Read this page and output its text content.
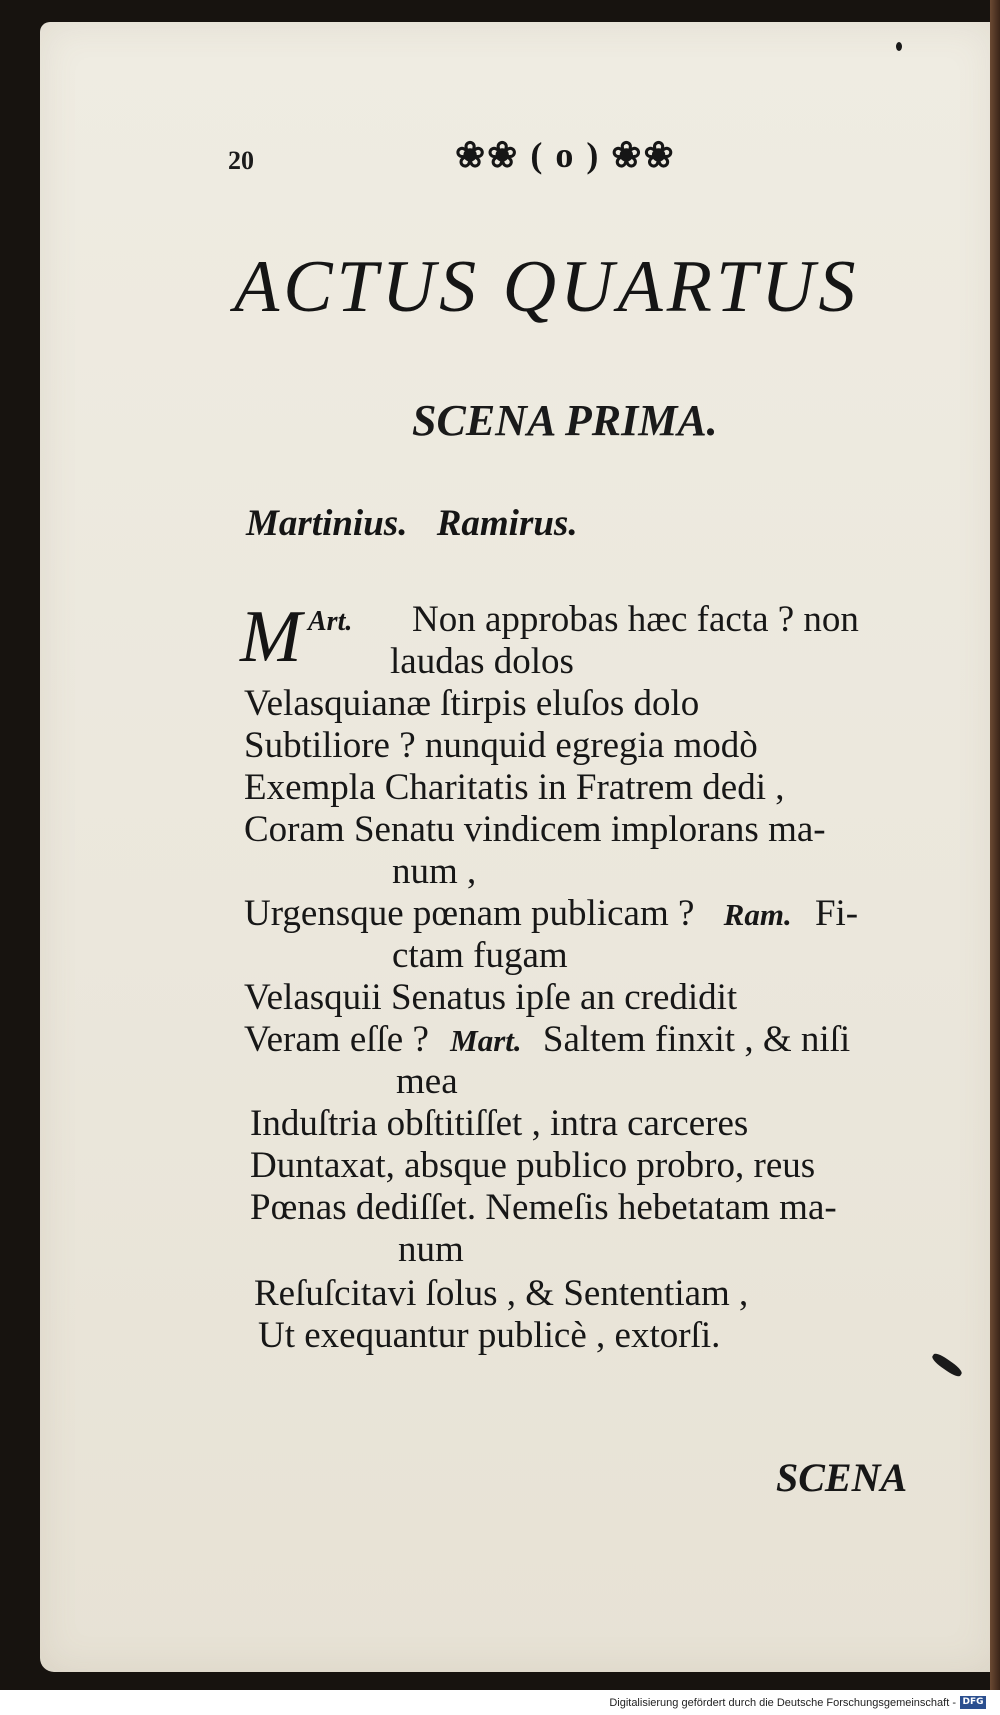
20	❀❀ ( o ) ❀❀
ACTUS QUARTUS
SCENA PRIMA.
Martinius. Ramirus.
M Art. Non approbas hæc facta ? non
laudas dolos
Velasquianæ ſtirpis eluſos dolo
Subtiliore ? nunquid egregia modò
Exempla Charitatis in Fratrem dedi ,
Coram Senatu vindicem implorans ma-
num ,
Urgensque pœnam publicam ? Ram. Fi-
ctam fugam
Velasquii Senatus ipſe an credidit
Veram eſſe ? Mart. Saltem finxit , & niſi
mea
Induſtria obſtitiſſet , intra carceres
Duntaxat, absque publico probro, reus
Pœnas dediſſet. Nemeſis hebetatam ma-
num
Reſuſcitavi ſolus , & Sententiam ,
Ut exequantur publicè , extorſi.
SCENA
Digitalisierung gefördert durch die Deutsche Forschungsgemeinschaft - DFG
